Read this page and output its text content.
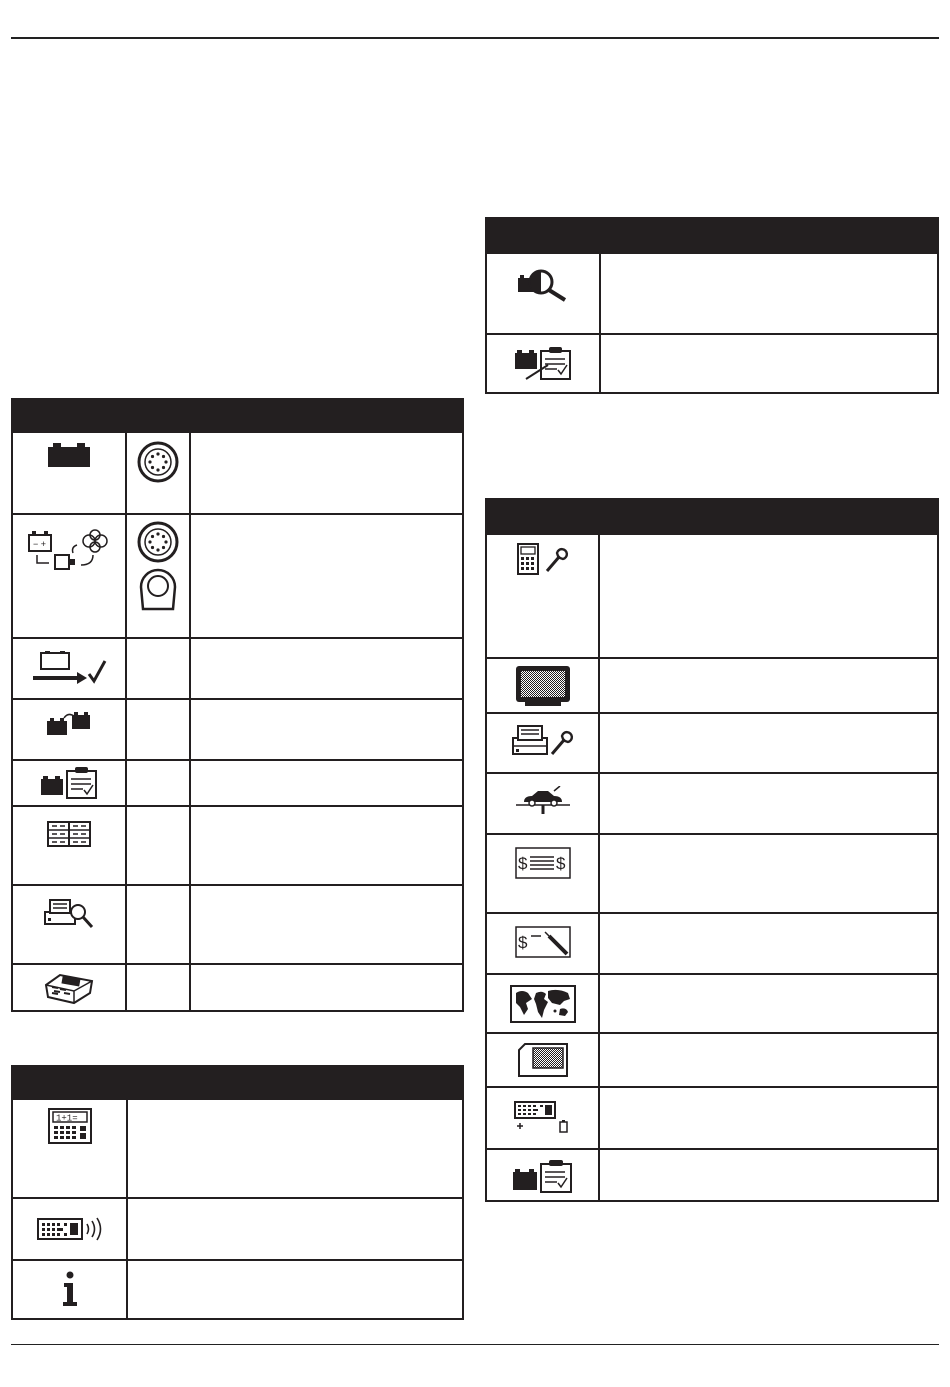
− +
1+1=
$ $
$
